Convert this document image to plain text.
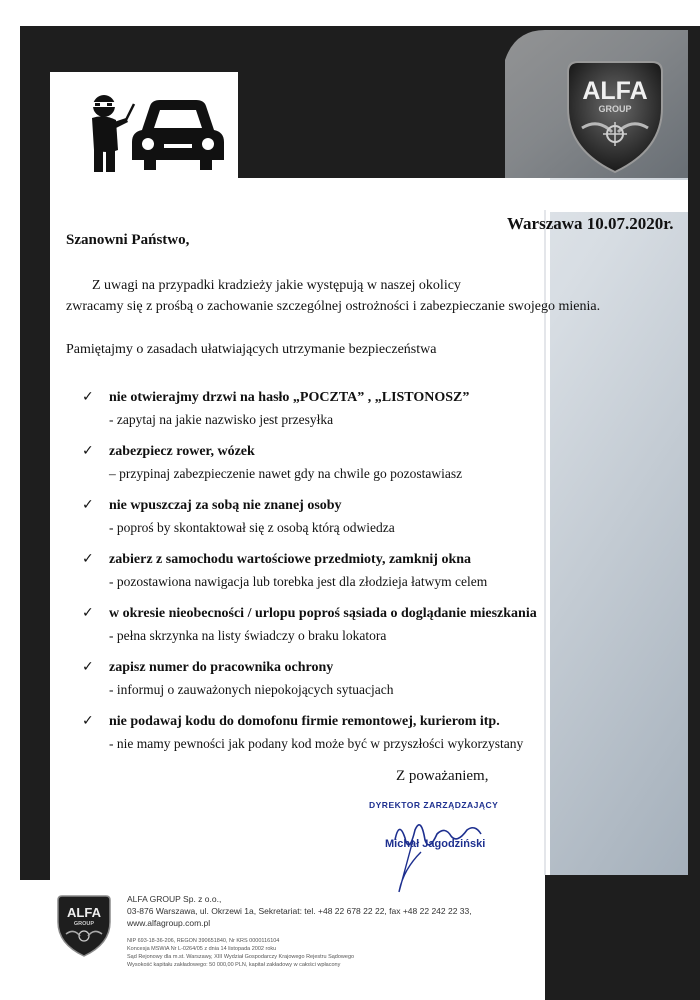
ALFA
GROUP
Warszawa 10.07.2020r.
Szanowni Państwo,
Z uwagi na przypadki kradzieży jakie występują w naszej okolicy
zwracamy się z prośbą o zachowanie szczególnej ostrożności i zabezpieczanie swojego mienia.
Pamiętajmy o zasadach ułatwiających utrzymanie bezpieczeństwa
✓ nie otwierajmy drzwi na hasło „POCZTA” , „LISTONOSZ”
- zapytaj na jakie nazwisko jest przesyłka
✓ zabezpiecz rower, wózek
– przypinaj zabezpieczenie nawet gdy na chwile go pozostawiasz
✓ nie wpuszczaj za sobą nie znanej osoby
- poproś by skontaktował się z osobą którą odwiedza
✓ zabierz z samochodu wartościowe przedmioty, zamknij okna
- pozostawiona nawigacja lub torebka jest dla złodzieja łatwym celem
✓ w okresie nieobecności / urlopu poproś sąsiada o doglądanie mieszkania
- pełna skrzynka na listy świadczy o braku lokatora
✓ zapisz numer do pracownika ochrony
- informuj o zauważonych niepokojących sytuacjach
✓ nie podawaj kodu do domofonu firmie remontowej, kurierom itp.
- nie mamy pewności jak podany kod może być w przyszłości wykorzystany
Z poważaniem,
DYREKTOR ZARZĄDZAJĄCY
Michał Jagodziński
ALFA
GROUP
ALFA GROUP Sp. z o.o.,
03-876 Warszawa, ul. Okrzewi 1a, Sekretariat: tel. +48 22 678 22 22, fax +48 22 242 22 33,
www.alfagroup.com.pl
NIP 693-18-36-206, REGON 390651840, Nr KRS 0000116104
Koncesja MSWiA Nr L-0264/05 z dnia 14 listopada 2002 roku
Sąd Rejonowy dla m.st. Warszawy, XIII Wydział Gospodarczy Krajowego Rejestru Sądowego
Wysokość kapitału zakładowego: 50 000,00 PLN, kapitał zakładowy w całości wpłacony
